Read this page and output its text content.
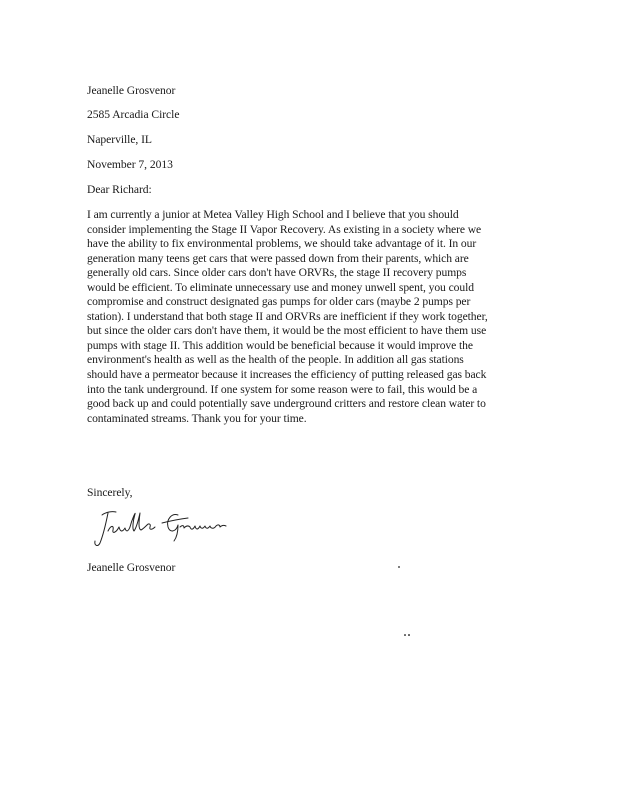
Jeanelle Grosvenor
2585 Arcadia Circle
Naperville, IL
November 7, 2013
Dear Richard:
I am currently a junior at Metea Valley High School and I believe that you should
consider implementing the Stage II Vapor Recovery. As existing in a society where we
have the ability to fix environmental problems, we should take advantage of it. In our
generation many teens get cars that were passed down from their parents, which are
generally old cars. Since older cars don't have ORVRs, the stage II recovery pumps
would be efficient. To eliminate unnecessary use and money unwell spent, you could
compromise and construct designated gas pumps for older cars (maybe 2 pumps per
station). I understand that both stage II and ORVRs are inefficient if they work together,
but since the older cars don't have them, it would be the most efficient to have them use
pumps with stage II. This addition would be beneficial because it would improve the
environment's health as well as the health of the people. In addition all gas stations
should have a permeator because it increases the efficiency of putting released gas back
into the tank underground. If one system for some reason were to fail, this would be a
good back up and could potentially save underground critters and restore clean water to
contaminated streams. Thank you for your time.
Sincerely,
Jeanelle Grosvenor
